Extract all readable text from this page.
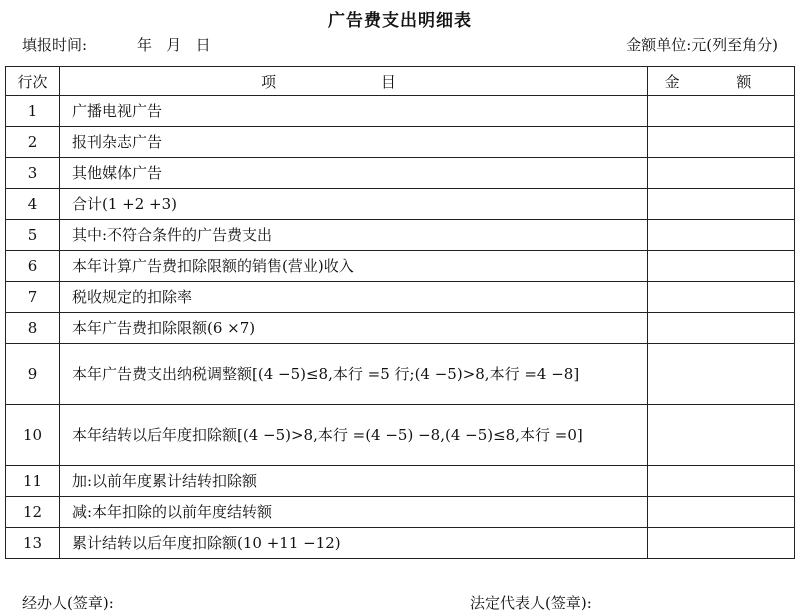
广告费支出明细表
填报时间:	年   月   日	金额单位:元(列至角分)
行次	项 目	金 额
1	广播电视广告	
2	报刊杂志广告	
3	其他媒体广告	
4	合计(1 +2 +3)	
5	其中:不符合条件的广告费支出	
6	本年计算广告费扣除限额的销售(营业)收入	
7	税收规定的扣除率	
8	本年广告费扣除限额(6 ×7)	
9	本年广告费支出纳税调整额[(4 −5)≤8,本行 =5 行;(4 −5)>8,本行 =4 −8]	
10	本年结转以后年度扣除额[(4 −5)>8,本行 =(4 −5) −8,(4 −5)≤8,本行 =0]	
11	加:以前年度累计结转扣除额	
12	减:本年扣除的以前年度结转额	
13	累计结转以后年度扣除额(10 +11 −12)	
经办人(签章):	法定代表人(签章):
